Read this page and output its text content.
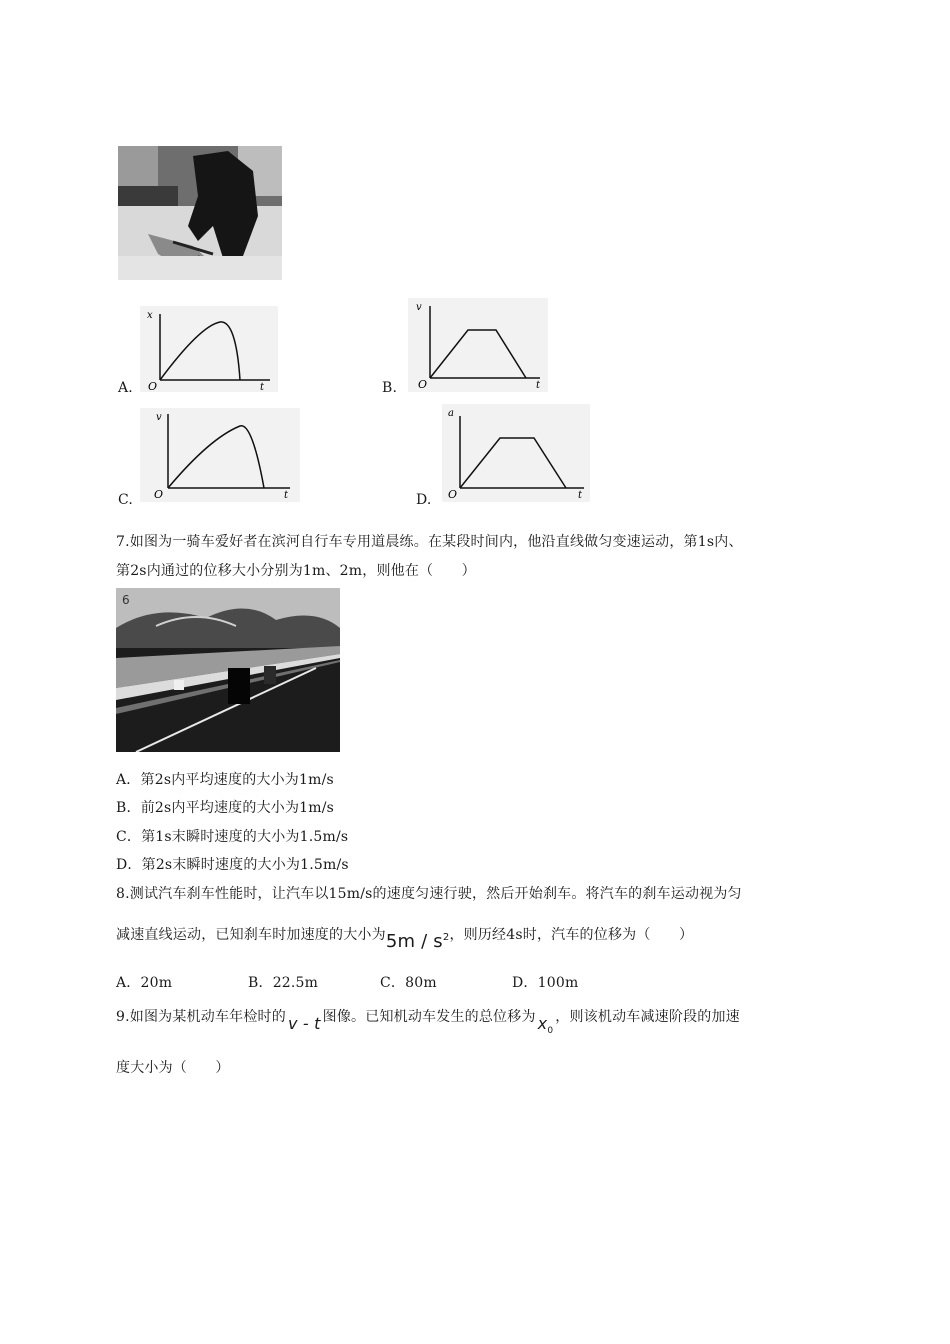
A.
x
t
O	B.
v
t
O
C.
v
t
O	D.
a
t
O
7.如图为一骑车爱好者在滨河自行车专用道晨练。在某段时间内，他沿直线做匀变速运动，第1s内、
第2s内通过的位移大小分别为1m、2m，则他在（　　）
6
A．第2s内平均速度的大小为1m/s
B．前2s内平均速度的大小为1m/s
C．第1s末瞬时速度的大小为1.5m/s
D．第2s末瞬时速度的大小为1.5m/s
8.测试汽车刹车性能时，让汽车以15m/s的速度匀速行驶，然后开始刹车。将汽车的刹车运动视为匀
减速直线运动，已知刹车时加速度的大小为$5m / s^2$，则历经4s时，汽车的位移为（　　）
A．20m	B．22.5m	C．80m	D．100m
9.如图为某机动车年检时的 v - t 图像。已知机动车发生的总位移为 $x_0$，则该机动车减速阶段的加速
度大小为（　　）
